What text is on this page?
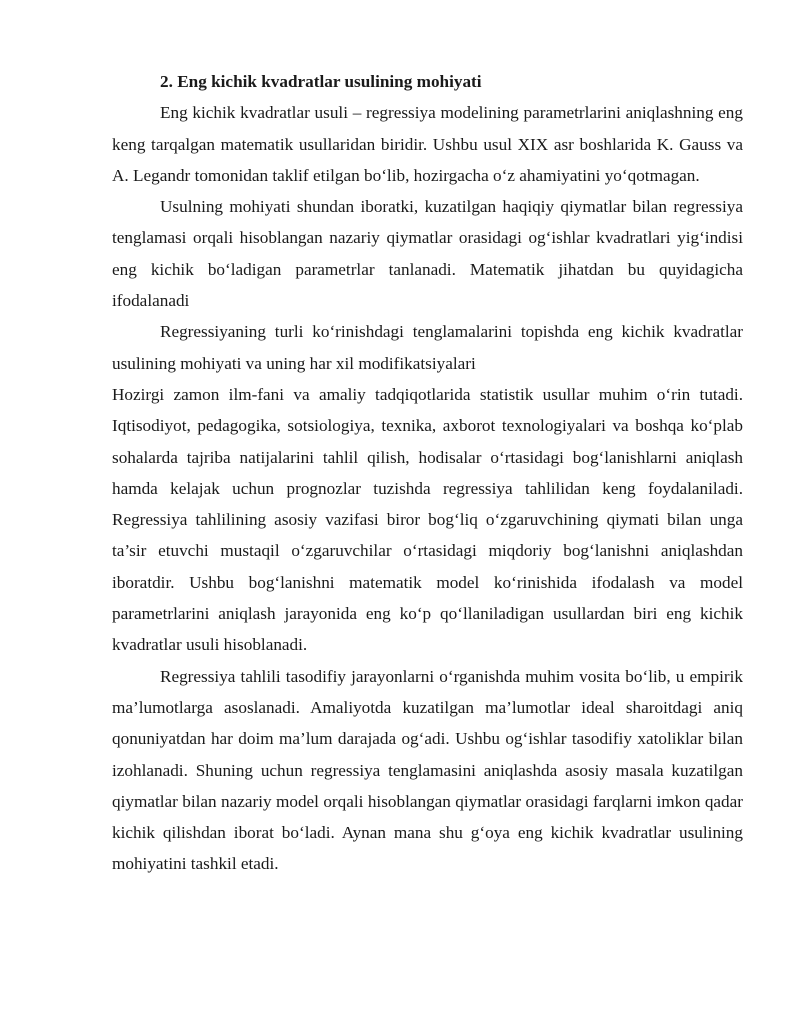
2. Eng kichik kvadratlar usulining mohiyati

Eng kichik kvadratlar usuli – regressiya modelining parametrlarini aniqlashning eng keng tarqalgan matematik usullaridan biridir. Ushbu usul XIX asr boshlarida K. Gauss va A. Legandr tomonidan taklif etilgan bo‘lib, hozirgacha o‘z ahamiyatini yo‘qotmagan.

Usulning mohiyati shundan iboratki, kuzatilgan haqiqiy qiymatlar bilan regressiya tenglamasi orqali hisoblangan nazariy qiymatlar orasidagi og‘ishlar kvadratlari yig‘indisi eng kichik bo‘ladigan parametrlar tanlanadi. Matematik jihatdan bu quyidagicha ifodalanadi

Regressiyaning turli ko‘rinishdagi tenglamalarini topishda eng kichik kvadratlar usulining mohiyati va uning har xil modifikatsiyalari

Hozirgi zamon ilm-fani va amaliy tadqiqotlarida statistik usullar muhim o‘rin tutadi. Iqtisodiyot, pedagogika, sotsiologiya, texnika, axborot texnologiyalari va boshqa ko‘plab sohalarda tajriba natijalarini tahlil qilish, hodisalar o‘rtasidagi bog‘lanishlarni aniqlash hamda kelajak uchun prognozlar tuzishda regressiya tahlilidan keng foydalaniladi. Regressiya tahlilining asosiy vazifasi biror bog‘liq o‘zgaruvchining qiymati bilan unga ta’sir etuvchi mustaqil o‘zgaruvchilar o‘rtasidagi miqdoriy bog‘lanishni aniqlashdan iboratdir. Ushbu bog‘lanishni matematik model ko‘rinishida ifodalash va model parametrlarini aniqlash jarayonida eng ko‘p qo‘llaniladigan usullardan biri eng kichik kvadratlar usuli hisoblanadi.

Regressiya tahlili tasodifiy jarayonlarni o‘rganishda muhim vosita bo‘lib, u empirik ma’lumotlarga asoslanadi. Amaliyotda kuzatilgan ma’lumotlar ideal sharoitdagi aniq qonuniyatdan har doim ma’lum darajada og‘adi. Ushbu og‘ishlar tasodifiy xatoliklar bilan izohlanadi. Shuning uchun regressiya tenglamasini aniqlashda asosiy masala kuzatilgan qiymatlar bilan nazariy model orqali hisoblangan qiymatlar orasidagi farqlarni imkon qadar kichik qilishdan iborat bo‘ladi. Aynan mana shu g‘oya eng kichik kvadratlar usulining mohiyatini tashkil etadi.
